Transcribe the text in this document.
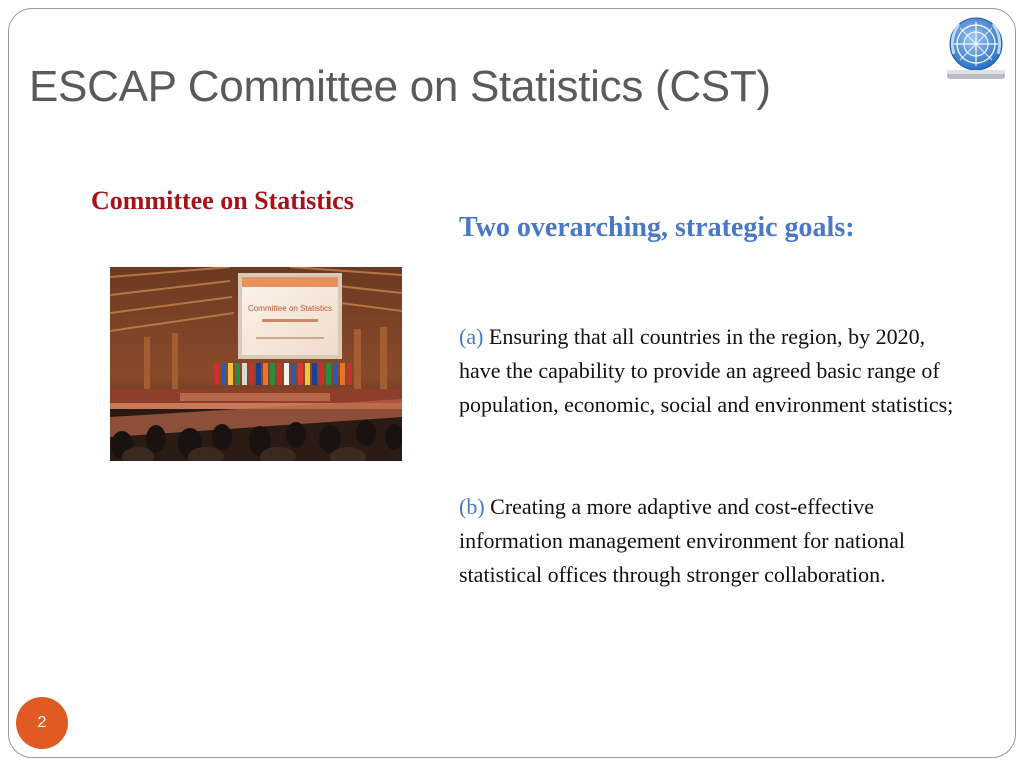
ESCAP Committee on Statistics (CST)
Committee on Statistics
Committee on Statistics
Two overarching, strategic goals:

(a) Ensuring that all countries in the region, by 2020, have the capability to provide an agreed basic range of population, economic, social and environment statistics;

(b) Creating a more adaptive and cost-effective information management environment for national statistical offices through stronger collaboration.

2
